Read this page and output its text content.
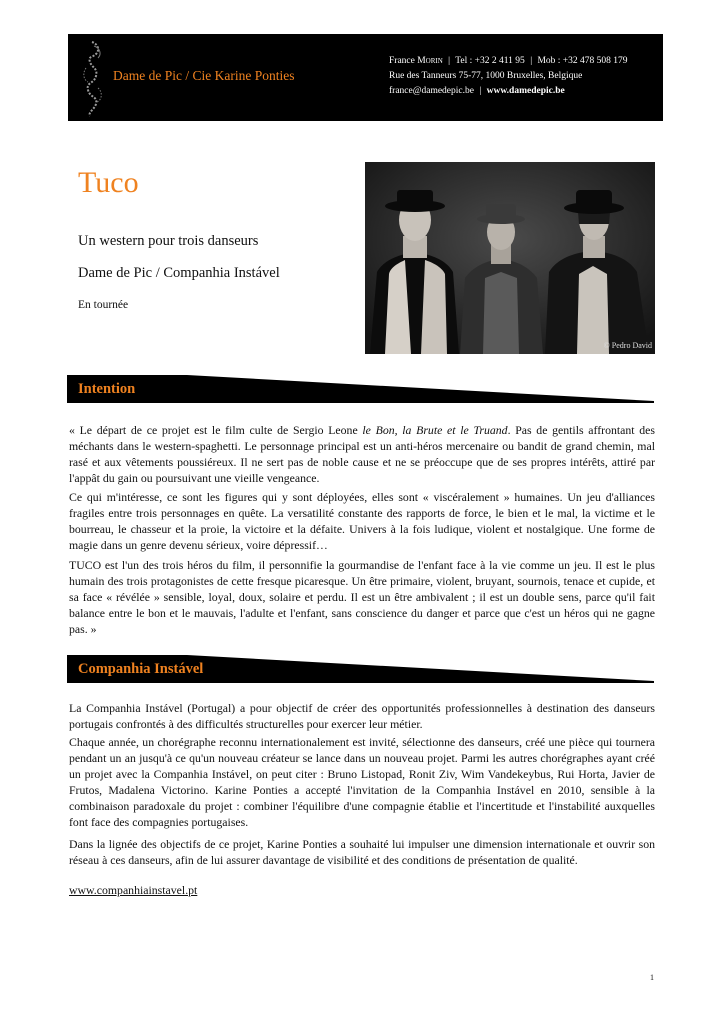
Dame de Pic / Cie Karine Ponties
France Morin | Tel : +32 2 411 95 | Mob : +32 478 508 179
Rue des Tanneurs 75-77, 1000 Bruxelles, Belgique
france@damedepic.be | www.damedepic.be
Tuco
Un western pour trois danseurs
Dame de Pic / Companhia Instável
En tournée
© Pedro David
Intention

« Le départ de ce projet est le film culte de Sergio Leone le Bon, la Brute et le Truand. Pas de gentils affrontant des méchants dans le western-spaghetti. Le personnage principal est un anti-héros mercenaire ou bandit de grand chemin, mal rasé et aux vêtements poussiéreux. Il ne sert pas de noble cause et ne se préoccupe que de ses propres intérêts, attiré par l'appât du gain ou poursuivant une vieille vengeance.

Ce qui m'intéresse, ce sont les figures qui y sont déployées, elles sont « viscéralement » humaines. Un jeu d'alliances fragiles entre trois personnages en quête. La versatilité constante des rapports de force, le bien et le mal, la victime et le bourreau, le chasseur et la proie, la victoire et la défaite. Univers à la fois ludique, violent et nostalgique. Une forme de magie dans un genre devenu sérieux, voire dépressif…

TUCO est l'un des trois héros du film, il personnifie la gourmandise de l'enfant face à la vie comme un jeu. Il est le plus humain des trois protagonistes de cette fresque picaresque. Un être primaire, violent, bruyant, sournois, tenace et cupide, et sa face « révélée » sensible, loyal, doux, solaire et perdu. Il est un être ambivalent ; il est un double sens, parce qu'il fait balance entre le bon et le mauvais, l'adulte et l'enfant, sans conscience du danger et parce que c'est un héros qui ne gagne pas. »

Companhia Instável

La Companhia Instável (Portugal) a pour objectif de créer des opportunités professionnelles à destination des danseurs portugais confrontés à des difficultés structurelles pour exercer leur métier.

Chaque année, un chorégraphe reconnu internationalement est invité, sélectionne des danseurs, créé une pièce qui tournera pendant un an jusqu'à ce qu'un nouveau créateur se lance dans un nouveau projet. Parmi les autres chorégraphes ayant créé un projet avec la Companhia Instável, on peut citer : Bruno Listopad, Ronit Ziv, Wim Vandekeybus, Rui Horta, Javier de Frutos, Madalena Victorino. Karine Ponties a accepté l'invitation de la Companhia Instável en 2010, sensible à la combinaison paradoxale du projet : combiner l'équilibre d'une compagnie établie et l'incertitude et l'instabilité auxquelles font face des compagnies portugaises.

Dans la lignée des objectifs de ce projet, Karine Ponties a souhaité lui impulser une dimension internationale et ouvrir son réseau à ces danseurs, afin de lui assurer davantage de visibilité et des conditions de présentation de qualité.

www.companhiainstavel.pt
1
